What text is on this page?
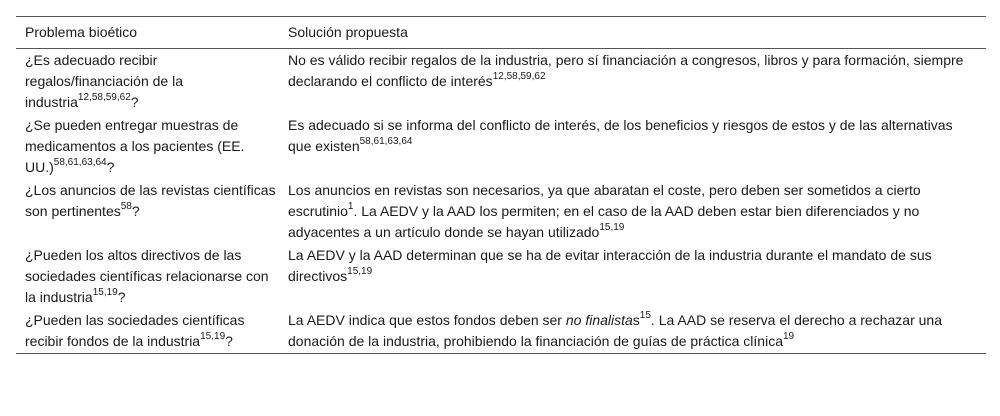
Problema bioético	Solución propuesta
¿Es adecuado recibir regalos/financiación de la industria$^{12,58,59,62}$?
No es válido recibir regalos de la industria, pero sí financiación a congresos, libros y para formación, siempre declarando el conflicto de interés$^{12,58,59,62}$
¿Se pueden entregar muestras de medicamentos a los pacientes (EE. UU.)$^{58,61,63,64}$?
Es adecuado si se informa del conflicto de interés, de los beneficios y riesgos de estos y de las alternativas que existen$^{58,61,63,64}$
¿Los anuncios de las revistas científicas son pertinentes$^{58}$?
Los anuncios en revistas son necesarios, ya que abaratan el coste, pero deben ser sometidos a cierto escrutinio$^1$. La AEDV y la AAD los permiten; en el caso de la AAD deben estar bien diferenciados y no adyacentes a un artículo donde se hayan utilizado$^{15,19}$
¿Pueden los altos directivos de las sociedades científicas relacionarse con la industria$^{15,19}$?
La AEDV y la AAD determinan que se ha de evitar interacción de la industria durante el mandato de sus directivos$^{15,19}$
¿Pueden las sociedades científicas recibir fondos de la industria$^{15,19}$?
La AEDV indica que estos fondos deben ser no finalistas$^{15}$. La AAD se reserva el derecho a rechazar una donación de la industria, prohibiendo la financiación de guías de práctica clínica$^{19}$
